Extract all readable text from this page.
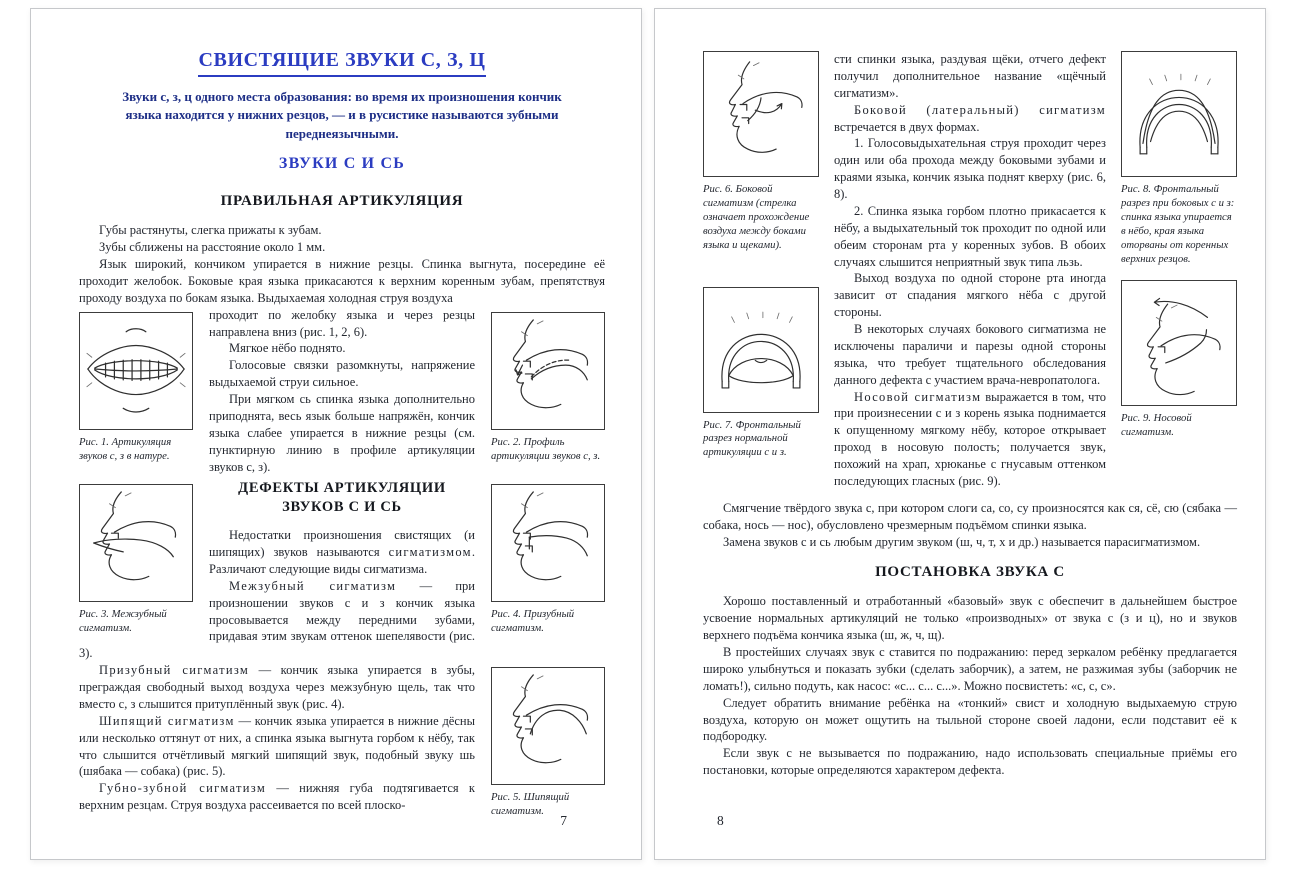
СВИСТЯЩИЕ ЗВУКИ С, З, Ц

Звуки с, з, ц одного места образования: во время их произношения кончик языка находится у нижних резцов, — и в русистике называются зубными переднеязычными.

ЗВУКИ С И СЬ
ПРАВИЛЬНАЯ АРТИКУЛЯЦИЯ

Губы растянуты, слегка прижаты к зубам.

Зубы сближены на расстояние около 1 мм.

Язык широкий, кончиком упирается в нижние резцы. Спинка выгнута, посередине её проходит желобок. Боковые края языка прикасаются к верхним коренным зубам, препятствуя проходу воздуха по бокам языка. Выдыхаемая холодная струя воздуха

Рис. 1. Артикуляция звуков с, з в натуре.
Рис. 2. Профиль артикуляции звуков с, з.

проходит по желобку языка и через резцы направлена вниз (рис. 1, 2, 6).

Мягкое нёбо поднято.

Голосовые связки разомкнуты, напряжение выдыхаемой струи сильное.

При мягком сь спинка языка дополнительно приподнята, весь язык больше напряжён, кончик языка слабее упирается в нижние резцы (см. пунктирную линию в профиле артикуляции звуков с, з).

Рис. 3. Межзубный сигматизм.
Рис. 4. Призубный сигматизм.
ДЕФЕКТЫ АРТИКУЛЯЦИИ ЗВУКОВ С И СЬ

Недостатки произношения свистящих (и шипящих) звуков называются сигматизмом. Различают следующие виды сигматизма.

Межзубный сигматизм — при произношении звуков с и з кончик языка просовывается между передними зубами, придавая этим звукам оттенок шепелявости (рис. 3).

Рис. 5. Шипящий сигматизм.

Призубный сигматизм — кончик языка упирается в зубы, преграждая свободный выход воздуха через межзубную щель, так что вместо с, з слышится притуплённый звук (рис. 4).

Шипящий сигматизм — кончик языка упирается в нижние дёсны или несколько оттянут от них, а спинка языка выгнута горбом к нёбу, так что слышится отчётливый мягкий шипящий звук, подобный звуку шь (шябака — собака) (рис. 5).

Губно-зубной сигматизм — нижняя губа подтягивается к верхним резцам. Струя воздуха рассеивается по всей плоско-

7
Рис. 6. Боковой сигматизм (стрелка означает прохождение воздуха между боками языка и щеками).
Рис. 7. Фронтальный разрез нормальной артикуляции с и з.

сти спинки языка, раздувая щёки, отчего дефект получил дополнительное название «щёчный сигматизм».

Боковой (латеральный) сигматизм встречается в двух формах.

1. Голосовыдыхательная струя проходит через один или оба прохода между боковыми зубами и краями языка, кончик языка поднят кверху (рис. 6, 8).

2. Спинка языка горбом плотно прикасается к нёбу, а выдыхательный ток проходит по одной или обеим сторонам рта у коренных зубов. В обоих случаях слышится неприятный звук типа льзь.

Выход воздуха по одной стороне рта иногда зависит от спадания мягкого нёба с другой стороны.

В некоторых случаях бокового сигматизма не исключены параличи и парезы одной стороны языка, что требует тщательного обследования данного дефекта с участием врача-невропатолога.

Носовой сигматизм выражается в том, что при произнесении с и з корень языка поднимается к опущенному мягкому нёбу, которое открывает проход в носовую полость; получается звук, похожий на храп, хрюканье с гнусавым оттенком последующих гласных (рис. 9).

Рис. 8. Фронтальный разрез при боковых с и з: спинка языка упирается в нёбо, края языка оторваны от коренных верхних резцов.
Рис. 9. Носовой сигматизм.

Смягчение твёрдого звука с, при котором слоги са, со, су произносятся как ся, сё, сю (сябака — собака, нось — нос), обусловлено чрезмерным подъёмом спинки языка.

Замена звуков с и сь любым другим звуком (ш, ч, т, х и др.) называется парасигматизмом.

ПОСТАНОВКА ЗВУКА С

Хорошо поставленный и отработанный «базовый» звук с обеспечит в дальнейшем быстрое усвоение нормальных артикуляций не только «производных» от звука с (з и ц), но и звуков верхнего подъёма кончика языка (ш, ж, ч, щ).

В простейших случаях звук с ставится по подражанию: перед зеркалом ребёнку предлагается широко улыбнуться и показать зубки (сделать заборчик), а затем, не разжимая зубы (заборчик не ломать!), сильно подуть, как насос: «с... с... с...». Можно посвистеть: «с, с, с».

Следует обратить внимание ребёнка на «тонкий» свист и холодную выдыхаемую струю воздуха, которую он может ощутить на тыльной стороне своей ладони, если подставит её к подбородку.

Если звук с не вызывается по подражанию, надо использовать специальные приёмы его постановки, которые определяются характером дефекта.

8
